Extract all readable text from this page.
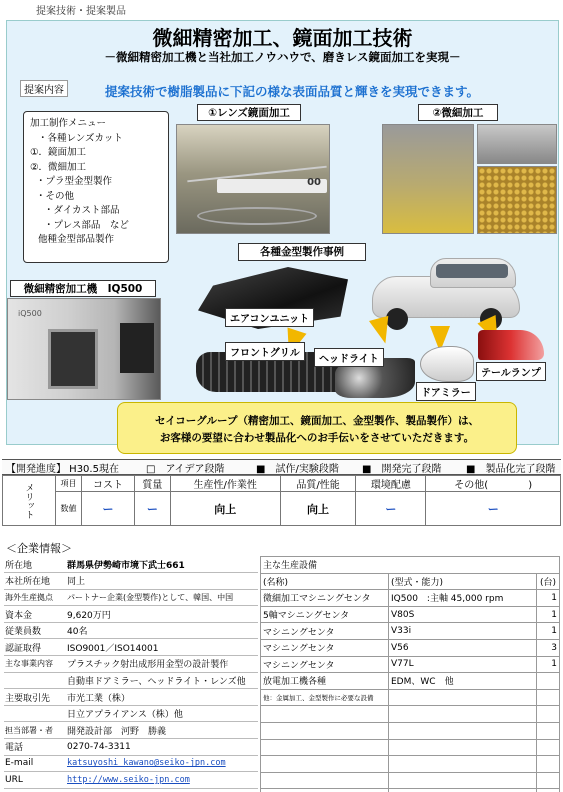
提案技術・提案製品
微細精密加工、鏡面加工技術
－微細精密加工機と当社加工ノウハウで、磨きレス鏡面加工を実現－
提案内容	提案技術で樹脂製品に下記の様な表面品質と輝きを実現できます。
加工制作メニュー
・各種レンズカット
①．鏡面加工
②．微細加工
・プラ型金型製作
・その他
・ダイカスト部品
・プレス部品　など
他種金型部品製作
①レンズ鏡面加工
00
②微細加工
微細精密加工機　IQ500
iQ500
各種金型製作事例
エアコンユニット
フロントグリル
ヘッドライト
ドアミラー
テールランプ
セイコーグループ（精密加工、鏡面加工、金型製作、製品製作）は、
お客様の要望に合わせ製品化へのお手伝いをさせていただきます。
【開発進度】 H30.5現在	□　アイデア段階	■　試作/実験段階	■　開発完了段階	■　製品化完了段階
メリット	項目	コスト	質量	生産性/作業性	品質/性能	環境配慮	その他(　　　　)
	数値	ー	ー	向上	向上	ー	ー
＜企業情報＞
所在地	群馬県伊勢崎市境下武士661
本社所在地	同上
海外生産拠点	パートナー企業(金型製作)として、韓国、中国
資本金	9,620万円
従業員数	40名
認証取得	ISO9001／ISO14001
主な事業内容	プラスチック射出成形用金型の設計製作
	自動車ドアミラー、ヘッドライト・レンズ他
主要取引先	市光工業（株）
	日立アプライアンス（株）他
担当部署・者	開発設計部　河野　勝義
電話	0270-74-3311
E-mail	katsuyoshi_kawano@seiko-jpn.com
URL	http://www.seiko-jpn.com
主な生産設備		
(名称)	(型式・能力)	(台)
微細加工マシニングセンタ	IQ500　:主軸 45,000 rpm	1
5軸マシニングセンタ	V80S	1
マシニングセンタ	V33i	1
マシニングセンタ	V56	3
マシニングセンタ	V77L	1
放電加工機各種	EDM、WC　他	
他：金属加工、金型製作に必要な設備		
